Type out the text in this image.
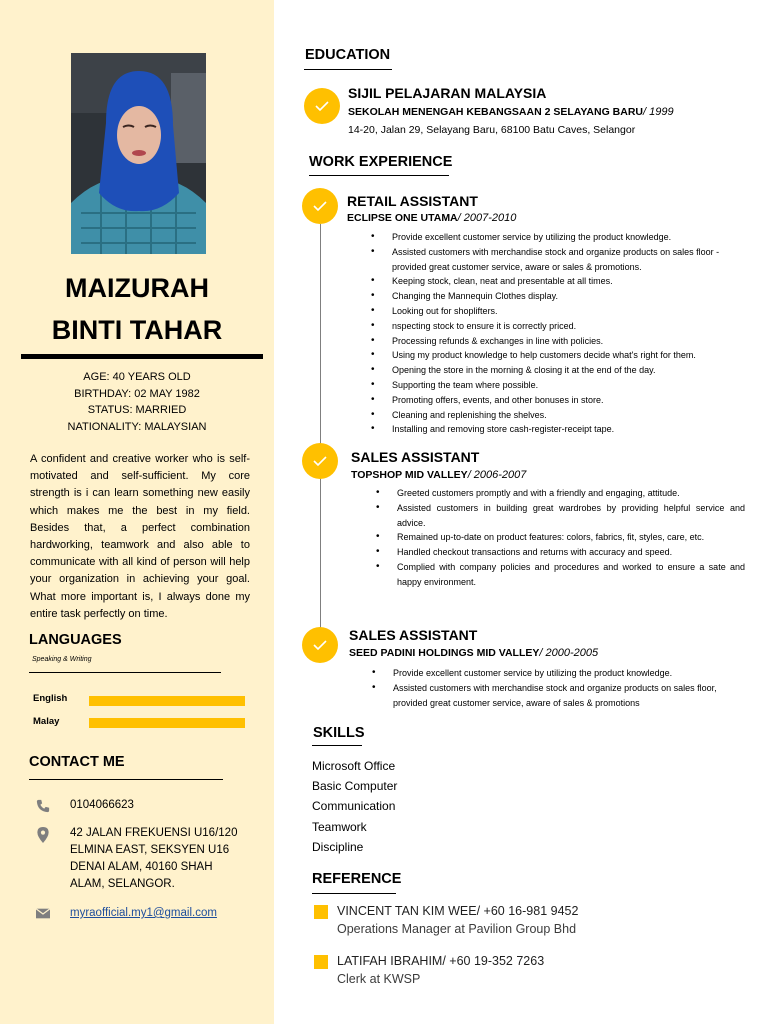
MAIZURAH
BINTI TAHAR
AGE: 40 YEARS OLD
BIRTHDAY: 02 MAY 1982
STATUS: MARRIED
NATIONALITY: MALAYSIAN
A confident and creative worker who is self-motivated and self-sufficient. My core strength is i can learn something new easily which makes me the best in my field. Besides that, a perfect combination hardworking, teamwork and also able to communicate with all kind of person will help your organization in achieving your goal. What more important is, I always done my entire task perfectly on time.
LANGUAGES
Speaking & Writing
English
Malay
CONTACT ME
0104066623
42 JALAN FREKUENSI U16/120
ELMINA EAST, SEKSYEN U16
DENAI ALAM, 40160 SHAH
ALAM, SELANGOR.
myraofficial.my1@gmail.com
EDUCATION
SIJIL PELAJARAN MALAYSIA
SEKOLAH MENENGAH KEBANGSAAN 2 SELAYANG BARU/ 1999
14-20, Jalan 29, Selayang Baru, 68100 Batu Caves, Selangor
WORK EXPERIENCE
RETAIL ASSISTANT
ECLIPSE ONE UTAMA/ 2007-2010
• Provide excellent customer service by utilizing the product knowledge.
• Assisted customers with merchandise stock and organize products on sales floor -provided great customer service, aware or sales & promotions.
• Keeping stock, clean, neat and presentable at all times.
• Changing the Mannequin Clothes display.
• Looking out for shoplifters.
• nspecting stock to ensure it is correctly priced.
• Processing refunds & exchanges in line with policies.
• Using my product knowledge to help customers decide what's right for them.
• Opening the store in the morning & closing it at the end of the day.
• Supporting the team where possible.
• Promoting offers, events, and other bonuses in store.
• Cleaning and replenishing the shelves.
• Installing and removing store cash-register-receipt tape.
SALES ASSISTANT
TOPSHOP MID VALLEY/ 2006-2007
• Greeted customers promptly and with a friendly and engaging, attitude.
• Assisted customers in building great wardrobes by providing helpful service and advice.
• Remained up-to-date on product features: colors, fabrics, fit, styles, care, etc.
• Handled checkout transactions and returns with accuracy and speed.
• Complied with company policies and procedures and worked to ensure a sate and happy environment.
SALES ASSISTANT
SEED PADINI HOLDINGS MID VALLEY/ 2000-2005
• Provide excellent customer service by utilizing the product knowledge.
• Assisted customers with merchandise stock and organize products on sales floor, provided great customer service, aware of sales & promotions
SKILLS
Microsoft Office
Basic Computer
Communication
Teamwork
Discipline
REFERENCE
VINCENT TAN KIM WEE/ +60 16-981 9452
Operations Manager at Pavilion Group Bhd
LATIFAH IBRAHIM/ +60 19-352 7263
Clerk at KWSP
